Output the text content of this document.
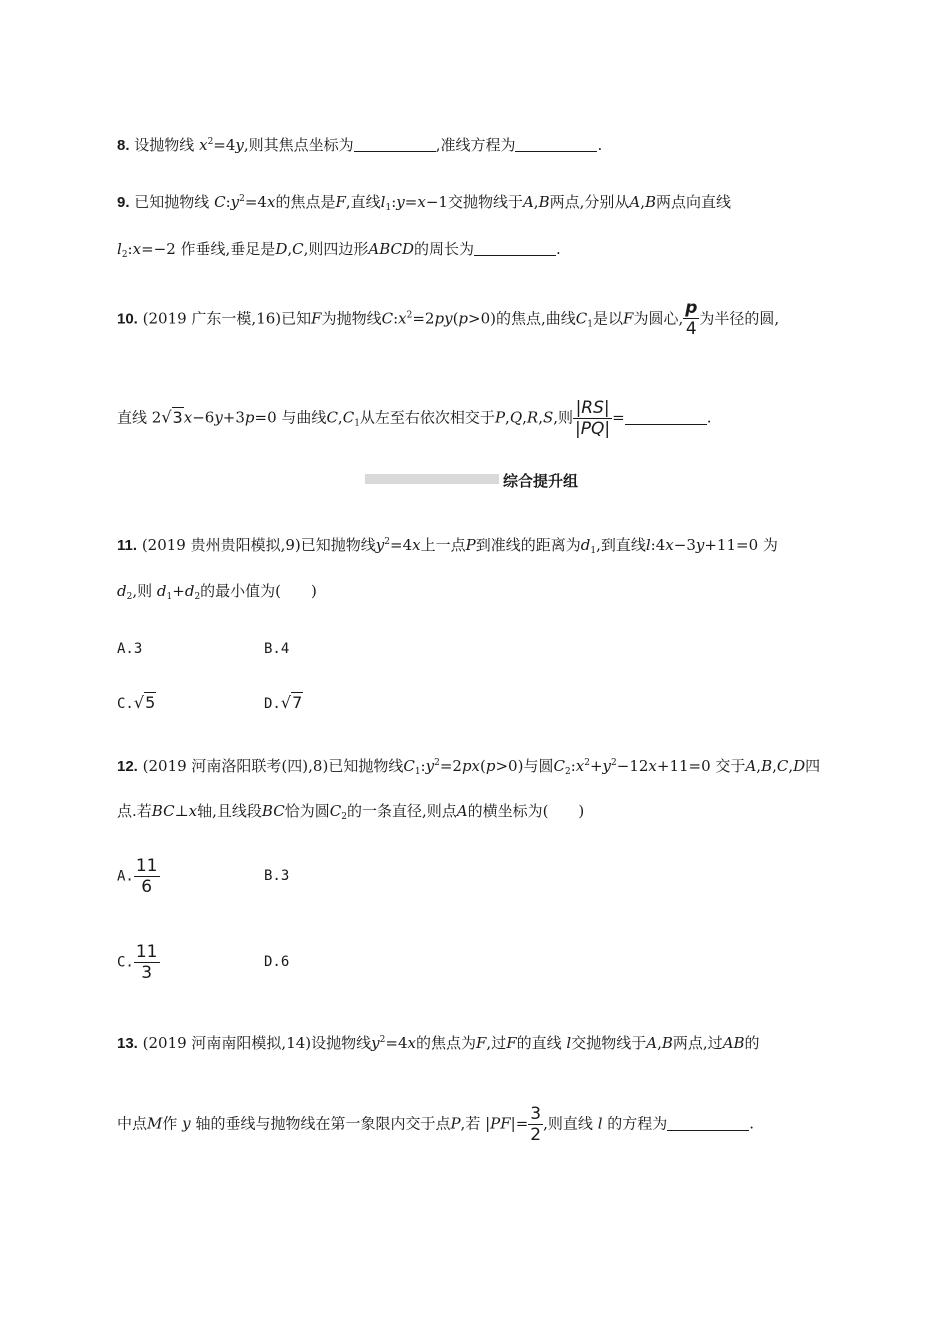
8. 设抛物线 $x^2=4y$,则其焦点坐标为	,准线方程为	.
9. 已知抛物线 $C:y^2=4x$的焦点是F,直线$l_1:y=x-1$交抛物线于A,B两点,分别从A,B两点向直线
$l_2:x=-2$ 作垂线,垂足是D,C,则四边形ABCD的周长为	.
10. (2019 广东一模,16)已知F为抛物线$C:x^2=2py(p>0)$的焦点,曲线$C_1$是以F为圆心, $\frac{p}{4}$ 为半径的圆,
直线 2√3x−6y+3p=0 与曲线$C,C_1$从左至右依次相交于P,Q,R,S,则 $\frac{|RS|}{|PQ|}$ =	.
综合提升组
11. (2019 贵州贵阳模拟,9)已知抛物线$y^2=4x$上一点P到准线的距离为$d_1$,到直线l:4x−3y+11=0 为
$d_2$,则 $d_1+d_2$的最小值为(　　)
A.3	B.4
C.√5	D.√7
12. (2019 河南洛阳联考(四),8)已知抛物线$C_1:y^2=2px(p>0)$与圆$C_2:x^2+y^2-12x+11=0$ 交于A,B,C,D四
点.若BC⊥x轴,且线段BC恰为圆$C_2$的一条直径,则点A的横坐标为(　　)
A. $\frac{11}{6}$	B.3
C. $\frac{11}{3}$	D.6
13. (2019 河南南阳模拟,14)设抛物线$y^2=4x$的焦点为F,过F的直线 l交抛物线于A,B两点,过AB的
中点M作 y 轴的垂线与抛物线在第一象限内交于点P,若 $|PF|= \frac{3}{2}$ ,则直线 l 的方程为	.
